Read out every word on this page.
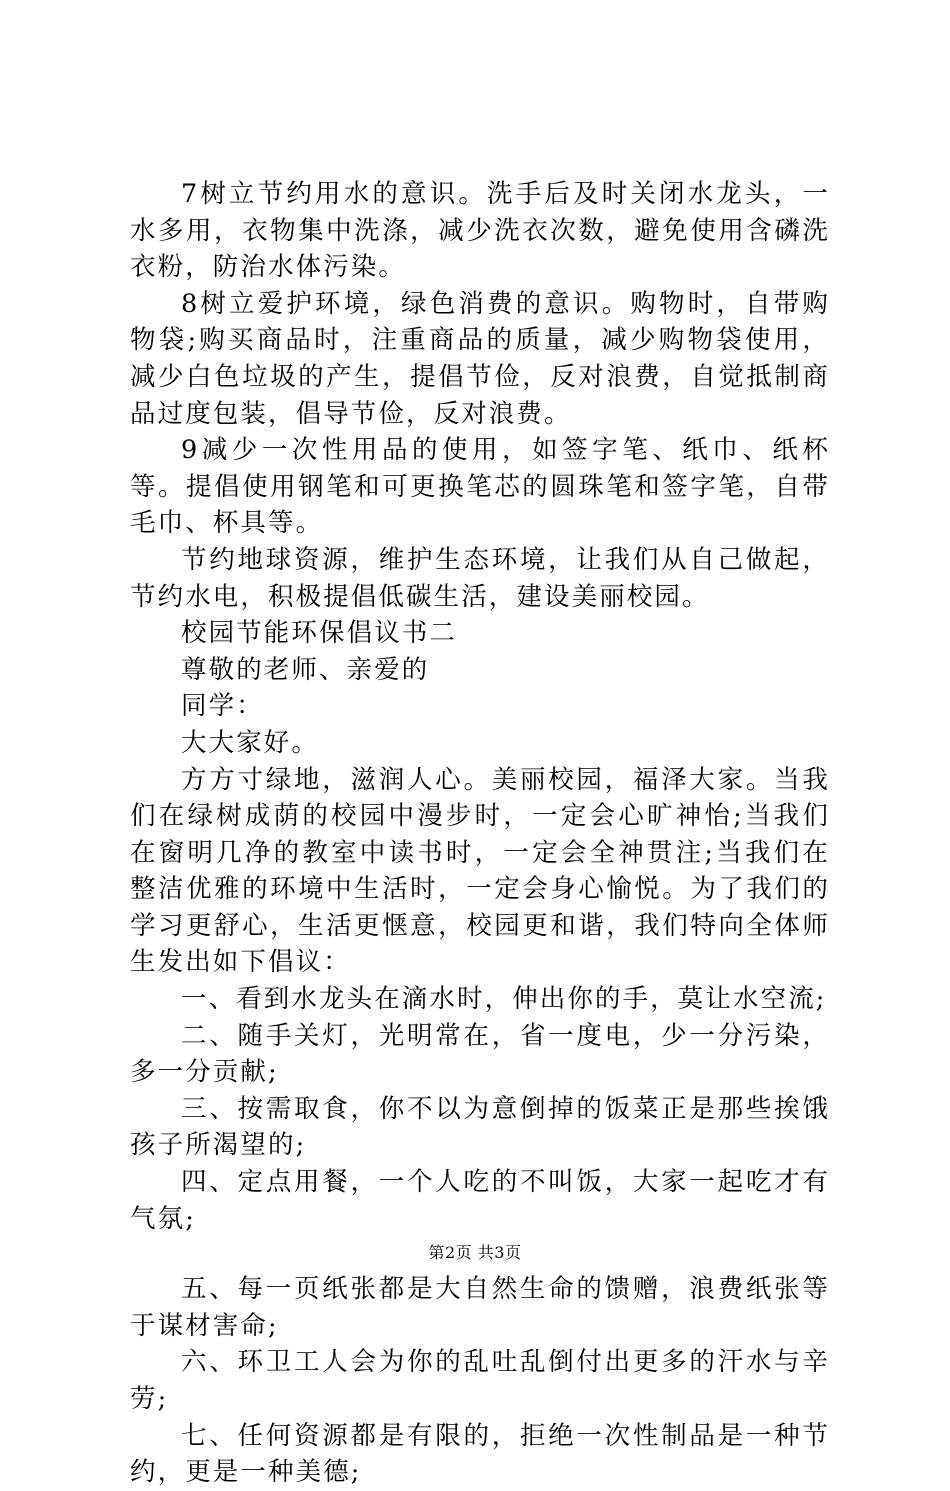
7树立节约用水的意识。洗手后及时关闭水龙头，一水多用，衣物集中洗涤，减少洗衣次数，避免使用含磷洗衣粉，防治水体污染。

8树立爱护环境，绿色消费的意识。购物时，自带购物袋;购买商品时，注重商品的质量，减少购物袋使用，减少白色垃圾的产生，提倡节俭，反对浪费，自觉抵制商品过度包装，倡导节俭，反对浪费。

9减少一次性用品的使用，如签字笔、纸巾、纸杯等。提倡使用钢笔和可更换笔芯的圆珠笔和签字笔，自带毛巾、杯具等。

节约地球资源，维护生态环境，让我们从自己做起，节约水电，积极提倡低碳生活，建设美丽校园。

校园节能环保倡议书二

尊敬的老师、亲爱的

同学：

大大家好。

方方寸绿地，滋润人心。美丽校园，福泽大家。当我们在绿树成荫的校园中漫步时，一定会心旷神怡;当我们在窗明几净的教室中读书时，一定会全神贯注;当我们在整洁优雅的环境中生活时，一定会身心愉悦。为了我们的学习更舒心，生活更惬意，校园更和谐，我们特向全体师生发出如下倡议：

一、看到水龙头在滴水时，伸出你的手，莫让水空流;

二、随手关灯，光明常在，省一度电，少一分污染，多一分贡献;

三、按需取食，你不以为意倒掉的饭菜正是那些挨饿孩子所渴望的;

四、定点用餐，一个人吃的不叫饭，大家一起吃才有气氛;

五、每一页纸张都是大自然生命的馈赠，浪费纸张等于谋材害命;

六、环卫工人会为你的乱吐乱倒付出更多的汗水与辛劳;

七、任何资源都是有限的，拒绝一次性制品是一种节约，更是一种美德;

第2页 共3页
